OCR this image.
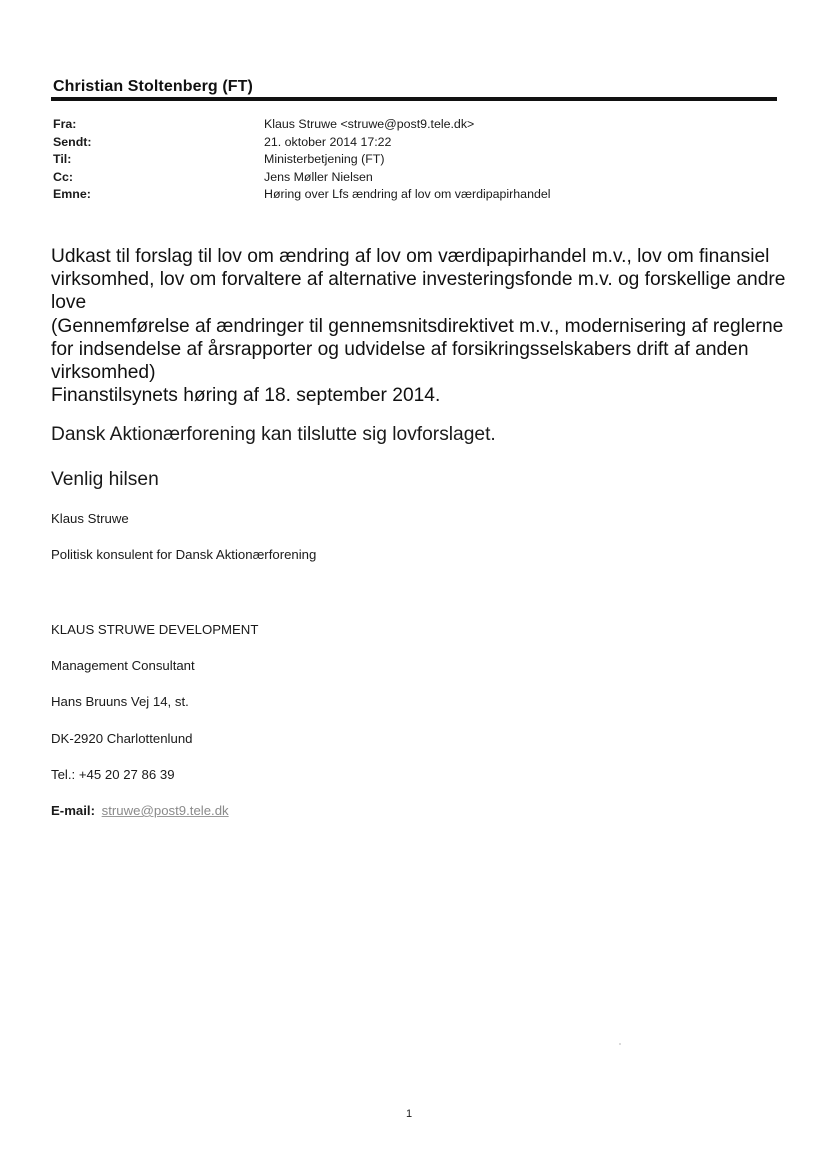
Christian Stoltenberg (FT)
Fra:	Klaus Struwe <struwe@post9.tele.dk>
Sendt:	21. oktober 2014 17:22
Til:	Ministerbetjening (FT)
Cc:	Jens Møller Nielsen
Emne:	Høring over Lfs ændring af lov om værdipapirhandel

Udkast til forslag til lov om ændring af lov om værdipapirhandel m.v., lov om finansiel virksomhed, lov om forvaltere af alternative investeringsfonde m.v. og forskellige andre love

(Gennemførelse af ændringer til gennemsnitsdirektivet m.v., modernisering af reglerne for indsendelse af årsrapporter og udvidelse af forsikringsselskabers drift af anden virksomhed)

Finanstilsynets høring af 18. september 2014.

Dansk Aktionærforening kan tilslutte sig lovforslaget.
Venlig hilsen
Klaus Struwe
Politisk konsulent for Dansk Aktionærforening
KLAUS STRUWE DEVELOPMENT
Management Consultant
Hans Bruuns Vej 14, st.
DK-2920 Charlottenlund
Tel.: +45 20 27 86 39
E-mail: struwe@post9.tele.dk
1
